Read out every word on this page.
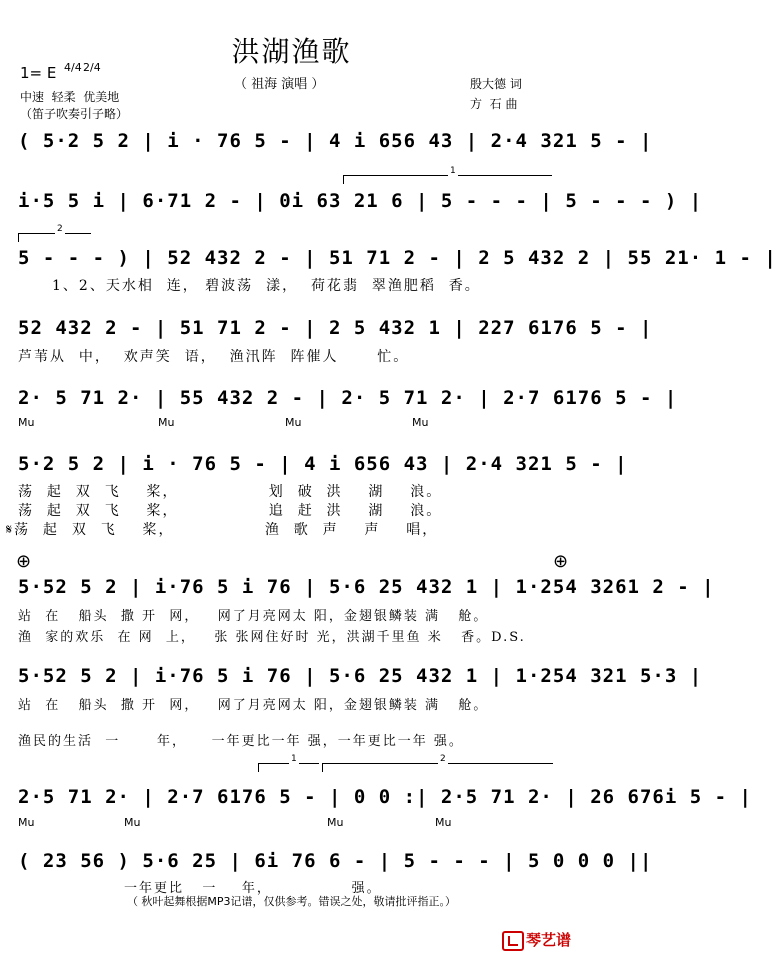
洪湖渔歌
（ 祖海 演唱 ）	殷大德 词
方  石 曲
1= E 4/4 2/4
中速  轻柔  优美地
（笛子吹奏引子略）
( 5·2 5 2 | i · 76 5 - | 4 i 656 43 | 2·4 321 5 - |
1
i·5 5 i | 6·71 2 - | 0i 63 21 6 | 5 - - - | 5 - - - ) |
2
5 - - - ) | 52 432 2 - | 51 71 2 - | 2 5 432 2 | 55 21· 1 - |
1、2、天水相  连， 碧波荡  漾，  荷花翡  翠渔肥稻  香。
52 432 2 - | 51 71 2 - | 2 5 432 1 | 227 6176 5 - |
芦苇从  中，  欢声笑  语，  渔汛阵  阵催人      忙。
2· 5 71 2· | 55 432 2 - | 2· 5 71 2· | 2·7 6176 5 - |
Mu	Mu	Mu	Mu
5·2 5 2 | i · 76 5 - | 4 i 656 43 | 2·4 321 5 - |
荡  起  双  飞    桨，              划  破  洪    湖    浪。
荡  起  双  飞    桨，              追  赶  洪    湖    浪。
𝄋荡  起  双  飞    桨，              渔  歌  声    声    唱，
⊕	⊕
5·52 5 2 | i·76 5 i 76 | 5·6 25 432 1 | 1·254 3261 2 - |
站  在   船头  撒 开  网，   网了月亮网太 阳，金翅银鳞装 满   舱。
渔  家的欢乐  在 网  上，   张 张网住好时 光，洪湖千里鱼 米   香。D.S.
5·52 5 2 | i·76 5 i 76 | 5·6 25 432 1 | 1·254 321 5·3 |
站  在   船头  撒 开  网，   网了月亮网太 阳，金翅银鳞装 满   舱。
渔民的生活  一      年，    一年更比一年 强，一年更比一年 强。
1	2
2·5 71 2· | 2·7 6176 5 - | 0 0 :| 2·5 71 2· | 26 676i 5 - |
Mu	Mu	Mu	Mu
( 23 56 ) 5·6 25 | 6i 76 6 - | 5 - - - | 5 0 0 0 ||
一年更比   一    年，             强。
（ 秋叶起舞根据MP3记谱，仅供参考。错误之处，敬请批评指正。）
琴艺谱
